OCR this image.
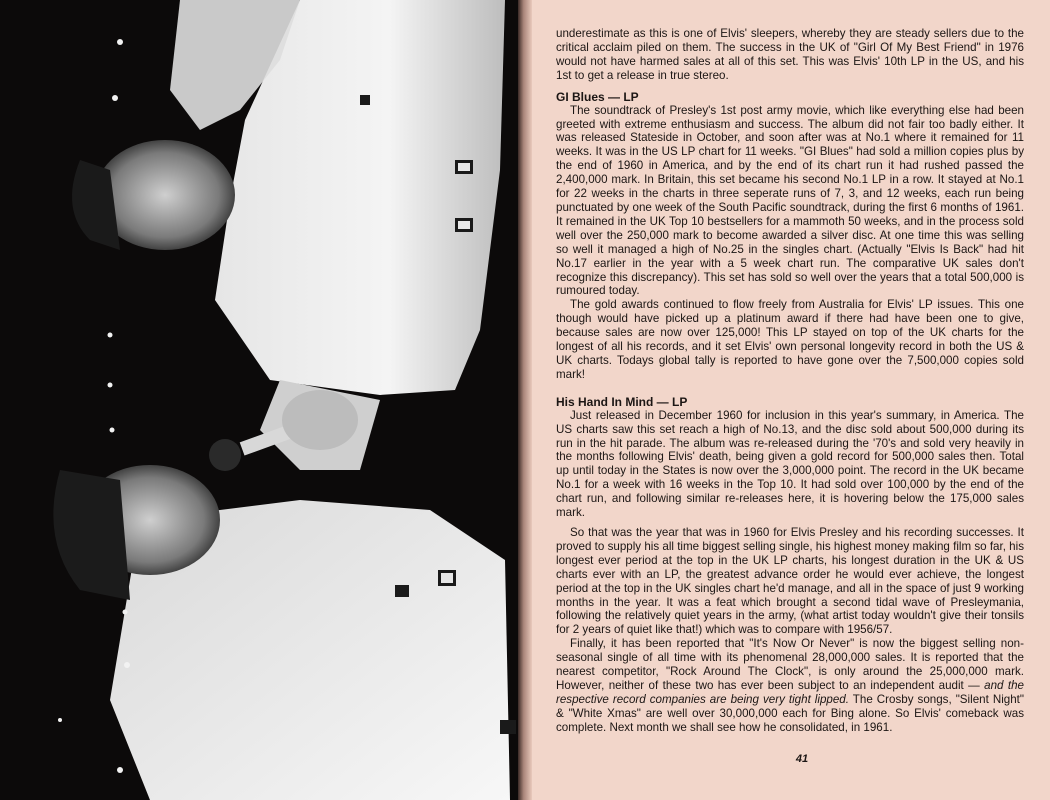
underestimate as this is one of Elvis' sleepers, whereby they are steady sellers due to the critical acclaim piled on them. The success in the UK of "Girl Of My Best Friend" in 1976 would not have harmed sales at all of this set. This was Elvis' 10th LP in the US, and his 1st to get a release in true stereo.

GI Blues — LP

The soundtrack of Presley's 1st post army movie, which like everything else had been greeted with extreme enthusiasm and success. The album did not fair too badly either. It was released Stateside in October, and soon after was at No.1 where it remained for 11 weeks. It was in the US LP chart for 11 weeks. "GI Blues" had sold a million copies plus by the end of 1960 in America, and by the end of its chart run it had rushed passed the 2,400,000 mark. In Britain, this set became his second No.1 LP in a row. It stayed at No.1 for 22 weeks in the charts in three seperate runs of 7, 3, and 12 weeks, each run being punctuated by one week of the South Pacific soundtrack, during the first 6 months of 1961. It remained in the UK Top 10 bestsellers for a mammoth 50 weeks, and in the process sold well over the 250,000 mark to become awarded a silver disc. At one time this was selling so well it managed a high of No.25 in the singles chart. (Actually "Elvis Is Back" had hit No.17 earlier in the year with a 5 week chart run. The comparative UK sales don't recognize this discrepancy). This set has sold so well over the years that a total 500,000 is rumoured today.

The gold awards continued to flow freely from Australia for Elvis' LP issues. This one though would have picked up a platinum award if there had have been one to give, because sales are now over 125,000! This LP stayed on top of the UK charts for the longest of all his records, and it set Elvis' own personal longevity record in both the US & UK charts. Todays global tally is reported to have gone over the 7,500,000 copies sold mark!

His Hand In Mind — LP

Just released in December 1960 for inclusion in this year's summary, in America. The US charts saw this set reach a high of No.13, and the disc sold about 500,000 during its run in the hit parade. The album was re-released during the '70's and sold very heavily in the months following Elvis' death, being given a gold record for 500,000 sales then. Total up until today in the States is now over the 3,000,000 point. The record in the UK became No.1 for a week with 16 weeks in the Top 10. It had sold over 100,000 by the end of the chart run, and following similar re-releases here, it is hovering below the 175,000 sales mark.

So that was the year that was in 1960 for Elvis Presley and his recording successes. It proved to supply his all time biggest selling single, his highest money making film so far, his longest ever period at the top in the UK LP charts, his longest duration in the UK & US charts ever with an LP, the greatest advance order he would ever achieve, the longest period at the top in the UK singles chart he'd manage, and all in the space of just 9 working months in the year. It was a feat which brought a second tidal wave of Presleymania, following the relatively quiet years in the army, (what artist today wouldn't give their tonsils for 2 years of quiet like that!) which was to compare with 1956/57.

Finally, it has been reported that "It's Now Or Never" is now the biggest selling non-seasonal single of all time with its phenomenal 28,000,000 sales. It is reported that the nearest competitor, "Rock Around The Clock", is only around the 25,000,000 mark. However, neither of these two has ever been subject to an independent audit — and the respective record companies are being very tight lipped. The Crosby songs, "Silent Night" & "White Xmas" are well over 30,000,000 each for Bing alone. So Elvis' comeback was complete. Next month we shall see how he consolidated, in 1961.

41
